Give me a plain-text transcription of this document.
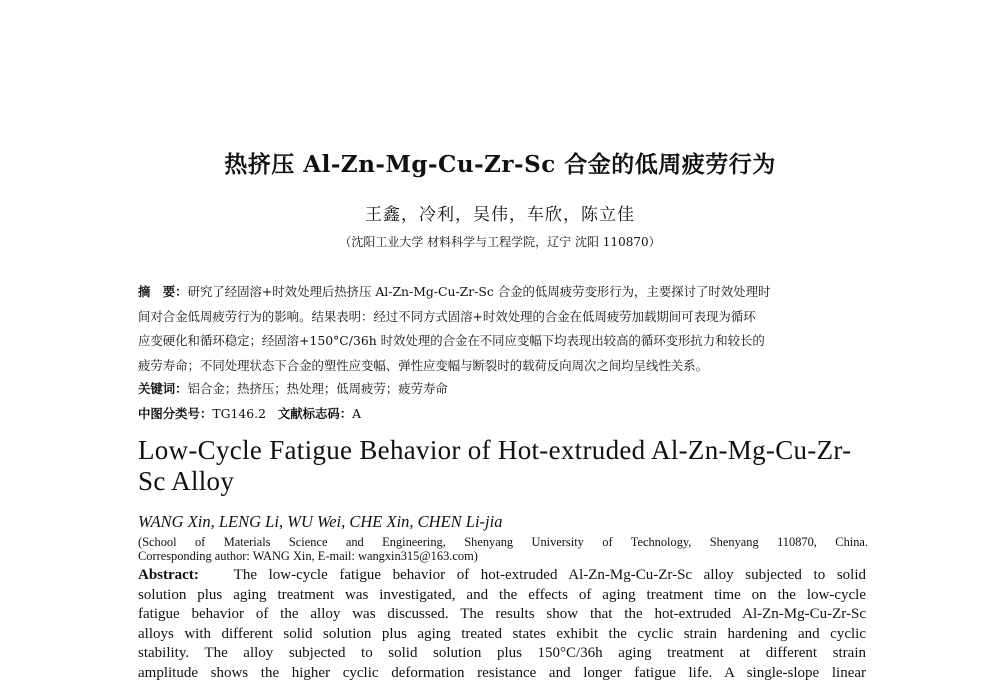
热挤压 Al-Zn-Mg-Cu-Zr-Sc 合金的低周疲劳行为
王鑫，冷利，吴伟，车欣，陈立佳
（沈阳工业大学 材料科学与工程学院，辽宁 沈阳 110870）
摘　要：研究了经固溶+时效处理后热挤压 Al-Zn-Mg-Cu-Zr-Sc 合金的低周疲劳变形行为，主要探讨了时效处理时
间对合金低周疲劳行为的影响。结果表明：经过不同方式固溶+时效处理的合金在低周疲劳加载期间可表现为循环
应变硬化和循环稳定；经固溶+150°C/36h 时效处理的合金在不同应变幅下均表现出较高的循环变形抗力和较长的
疲劳寿命；不同处理状态下合金的塑性应变幅、弹性应变幅与断裂时的载荷反向周次之间均呈线性关系。
关键词：铝合金；热挤压；热处理；低周疲劳；疲劳寿命
中图分类号：TG146.2 文献标志码：A
Low-Cycle Fatigue Behavior of Hot-extruded Al-Zn-Mg-Cu-Zr-Sc Alloy
WANG Xin, LENG Li, WU Wei, CHE Xin, CHEN Li-jia
(School of Materials Science and Engineering, Shenyang University of Technology, Shenyang 110870, China.
Corresponding author: WANG Xin, E-mail: wangxin315@163.com)
Abstract: The low-cycle fatigue behavior of hot-extruded Al-Zn-Mg-Cu-Zr-Sc alloy subjected to solid
solution plus aging treatment was investigated, and the effects of aging treatment time on the low-cycle
fatigue behavior of the alloy was discussed. The results show that the hot-extruded Al-Zn-Mg-Cu-Zr-Sc
alloys with different solid solution plus aging treated states exhibit the cyclic strain hardening and cyclic
stability. The alloy subjected to solid solution plus 150°C/36h aging treatment at different strain
amplitude shows the higher cyclic deformation resistance and longer fatigue life. A single-slope linear
